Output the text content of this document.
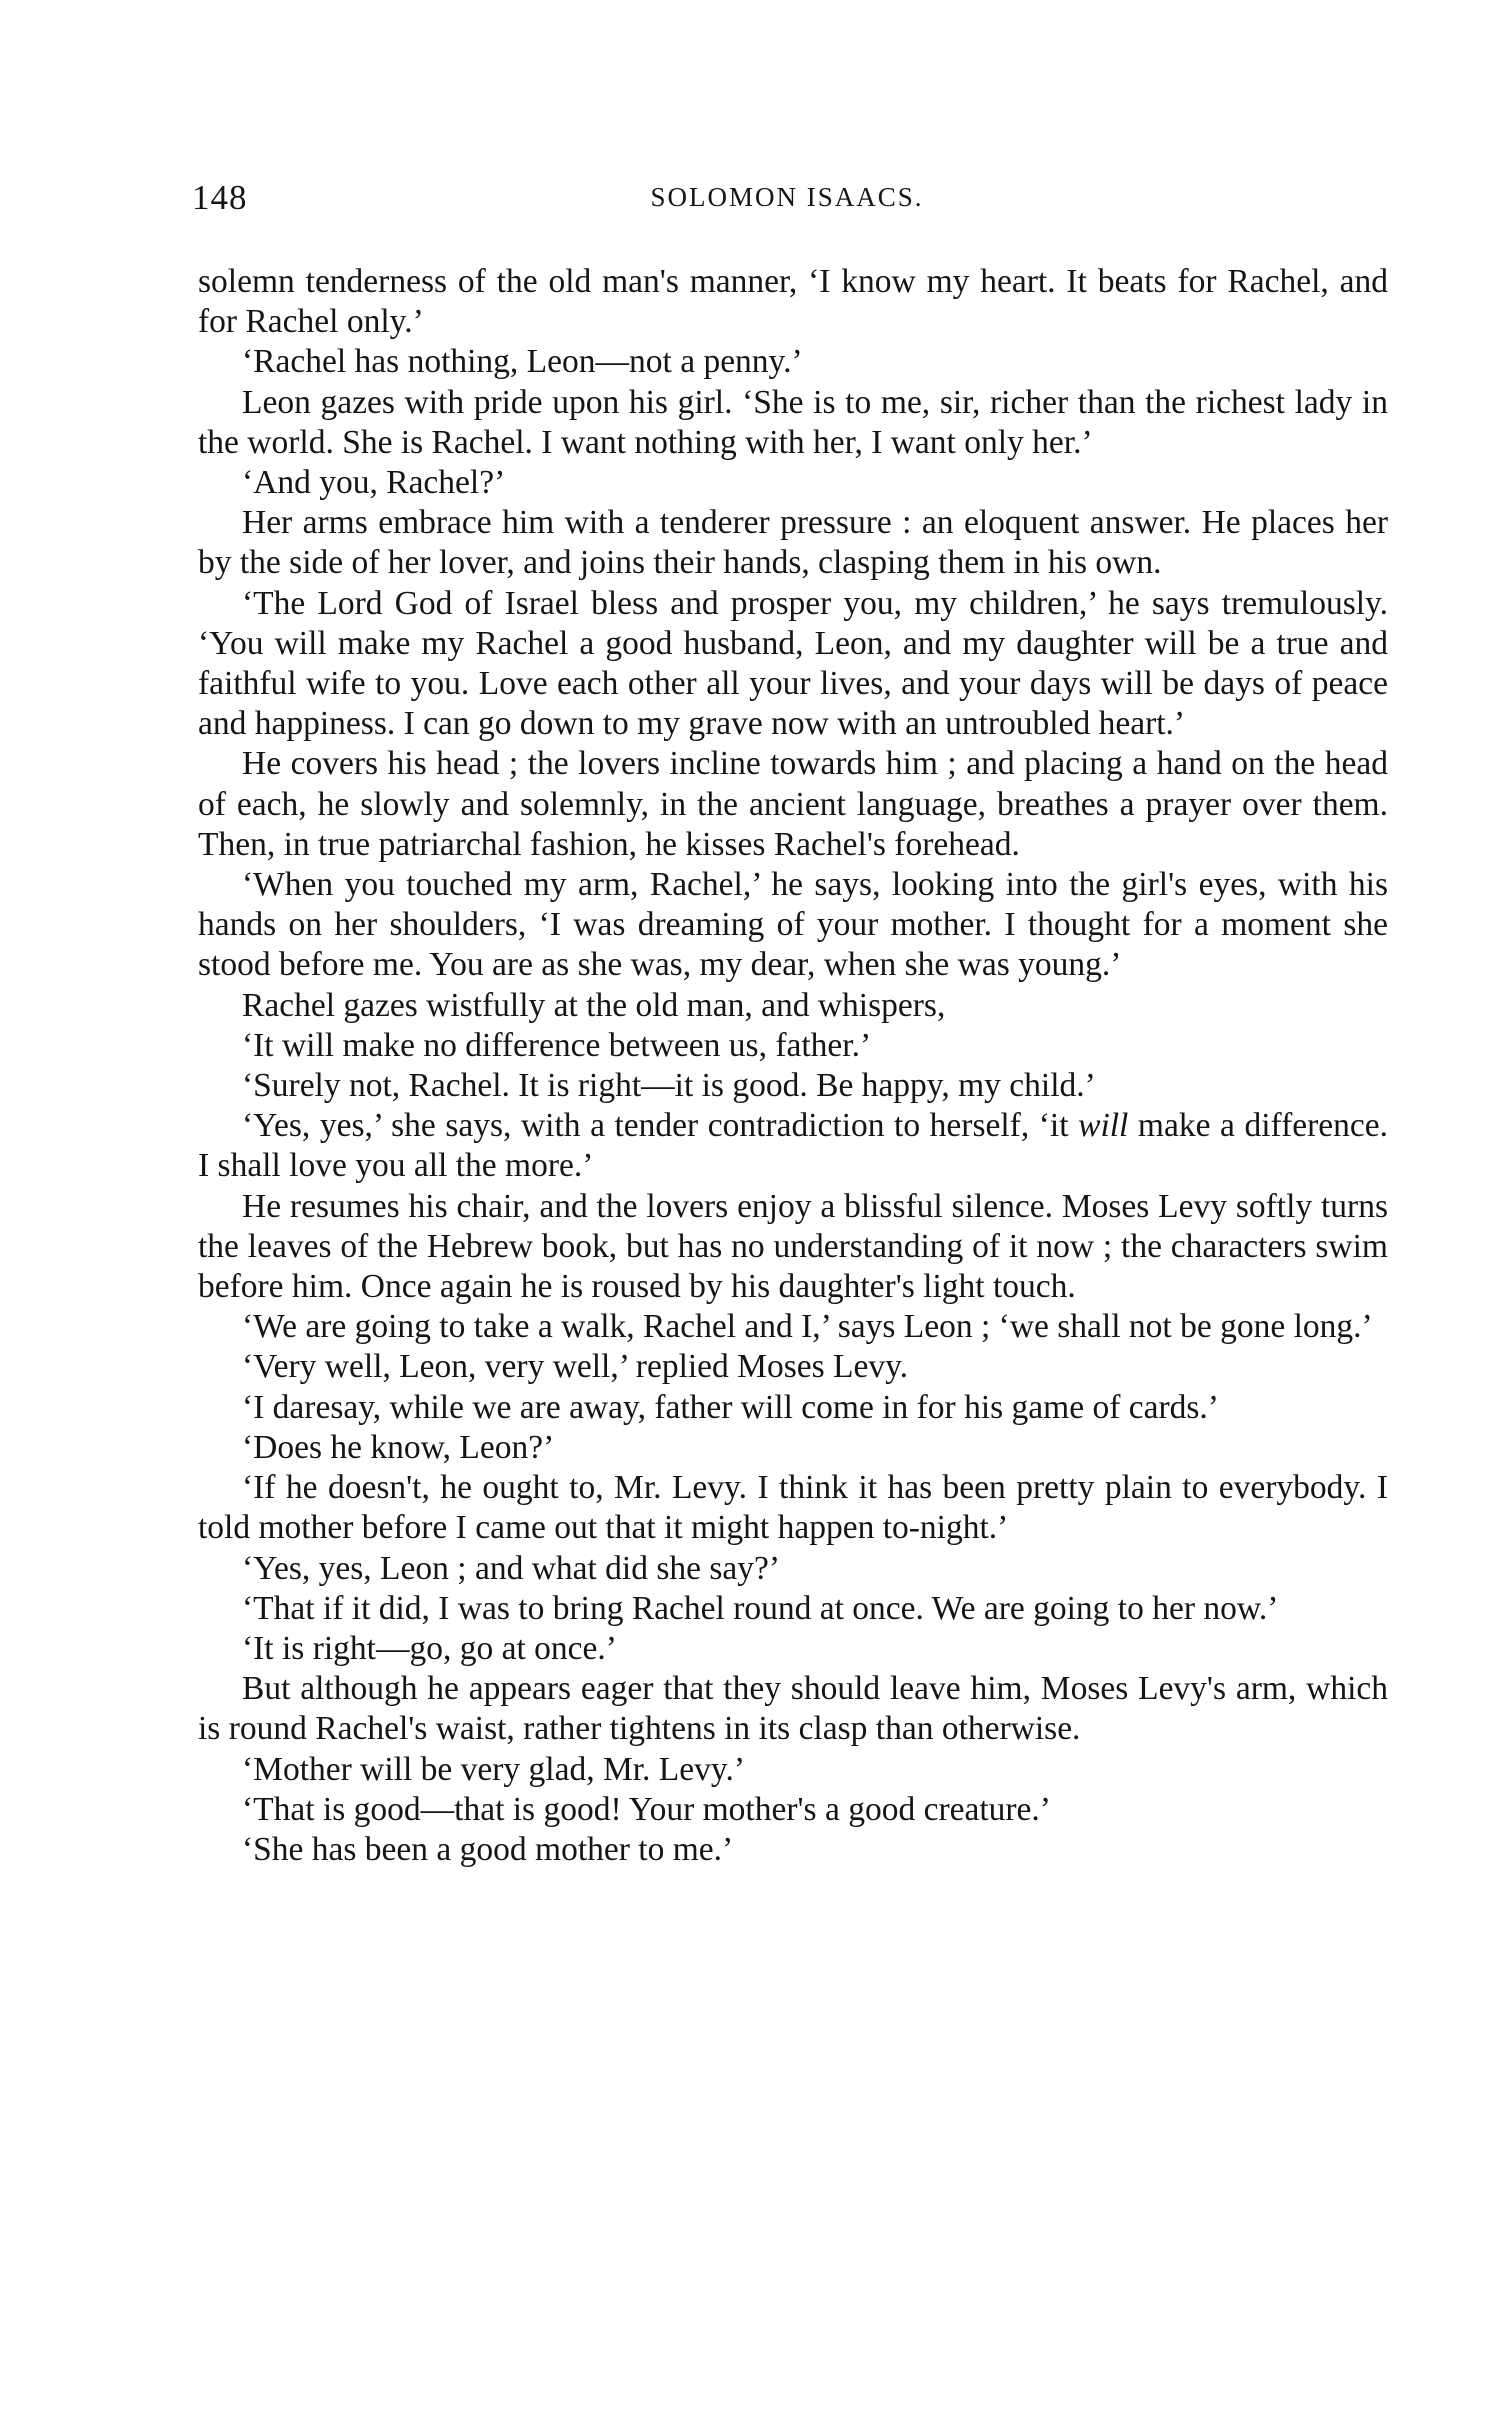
148	SOLOMON ISAACS.

solemn tenderness of the old man's manner, ‘I know my heart. It beats for Rachel, and for Rachel only.’

‘Rachel has nothing, Leon—not a penny.’

Leon gazes with pride upon his girl. ‘She is to me, sir, richer than the richest lady in the world. She is Rachel. I want nothing with her, I want only her.’

‘And you, Rachel?’

Her arms embrace him with a tenderer pressure : an eloquent answer. He places her by the side of her lover, and joins their hands, clasping them in his own.

‘The Lord God of Israel bless and prosper you, my children,’ he says tremulously. ‘You will make my Rachel a good husband, Leon, and my daughter will be a true and faithful wife to you. Love each other all your lives, and your days will be days of peace and happiness. I can go down to my grave now with an untroubled heart.’

He covers his head ; the lovers incline towards him ; and placing a hand on the head of each, he slowly and solemnly, in the ancient language, breathes a prayer over them. Then, in true patriarchal fashion, he kisses Rachel's forehead.

‘When you touched my arm, Rachel,’ he says, looking into the girl's eyes, with his hands on her shoulders, ‘I was dreaming of your mother. I thought for a moment she stood before me. You are as she was, my dear, when she was young.’

Rachel gazes wistfully at the old man, and whispers,

‘It will make no difference between us, father.’

‘Surely not, Rachel. It is right—it is good. Be happy, my child.’

‘Yes, yes,’ she says, with a tender contradiction to herself, ‘it will make a difference. I shall love you all the more.’

He resumes his chair, and the lovers enjoy a blissful silence. Moses Levy softly turns the leaves of the Hebrew book, but has no understanding of it now ; the characters swim before him. Once again he is roused by his daughter's light touch.

‘We are going to take a walk, Rachel and I,’ says Leon ; ‘we shall not be gone long.’

‘Very well, Leon, very well,’ replied Moses Levy.

‘I daresay, while we are away, father will come in for his game of cards.’

‘Does he know, Leon?’

‘If he doesn't, he ought to, Mr. Levy. I think it has been pretty plain to everybody. I told mother before I came out that it might happen to-night.’

‘Yes, yes, Leon ; and what did she say?’

‘That if it did, I was to bring Rachel round at once. We are going to her now.’

‘It is right—go, go at once.’

But although he appears eager that they should leave him, Moses Levy's arm, which is round Rachel's waist, rather tightens in its clasp than otherwise.

‘Mother will be very glad, Mr. Levy.’

‘That is good—that is good! Your mother's a good creature.’

‘She has been a good mother to me.’
